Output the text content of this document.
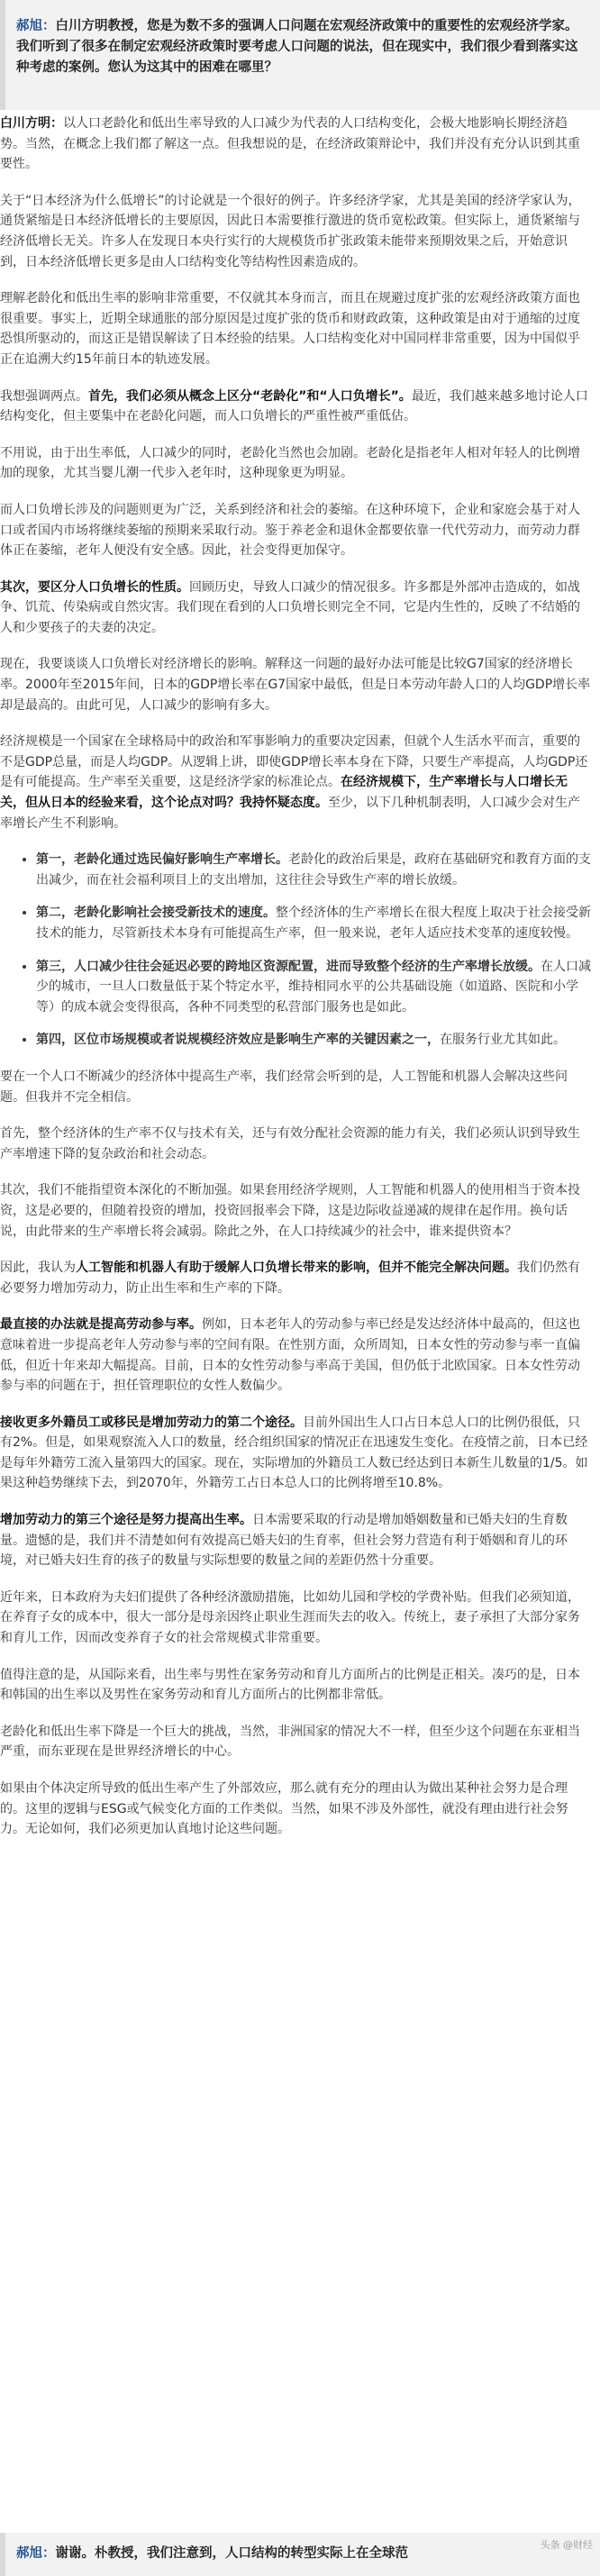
郝旭：白川方明教授，您是为数不多的强调人口问题在宏观经济政策中的重要性的宏观经济学家。我们听到了很多在制定宏观经济政策时要考虑人口问题的说法，但在现实中，我们很少看到落实这种考虑的案例。您认为这其中的困难在哪里？

白川方明：以人口老龄化和低出生率导致的人口减少为代表的人口结构变化，会极大地影响长期经济趋势。当然，在概念上我们都了解这一点。但我想说的是，在经济政策辩论中，我们并没有充分认识到其重要性。

关于“日本经济为什么低增长”的讨论就是一个很好的例子。许多经济学家，尤其是美国的经济学家认为，通货紧缩是日本经济低增长的主要原因，因此日本需要推行激进的货币宽松政策。但实际上，通货紧缩与经济低增长无关。许多人在发现日本央行实行的大规模货币扩张政策未能带来预期效果之后，开始意识到，日本经济低增长更多是由人口结构变化等结构性因素造成的。

理解老龄化和低出生率的影响非常重要，不仅就其本身而言，而且在规避过度扩张的宏观经济政策方面也很重要。事实上，近期全球通胀的部分原因是过度扩张的货币和财政政策，这种政策是由对于通缩的过度恐惧所驱动的，而这正是错误解读了日本经验的结果。人口结构变化对中国同样非常重要，因为中国似乎正在追溯大约15年前日本的轨迹发展。

我想强调两点。首先，我们必须从概念上区分“老龄化”和“人口负增长”。最近，我们越来越多地讨论人口结构变化，但主要集中在老龄化问题，而人口负增长的严重性被严重低估。

不用说，由于出生率低，人口减少的同时，老龄化当然也会加剧。老龄化是指老年人相对年轻人的比例增加的现象，尤其当婴儿潮一代步入老年时，这种现象更为明显。

而人口负增长涉及的问题则更为广泛，关系到经济和社会的萎缩。在这种环境下，企业和家庭会基于对人口或者国内市场将继续萎缩的预期来采取行动。鉴于养老金和退休金都要依靠一代代劳动力，而劳动力群体正在萎缩，老年人便没有安全感。因此，社会变得更加保守。

其次，要区分人口负增长的性质。回顾历史，导致人口减少的情况很多。许多都是外部冲击造成的，如战争、饥荒、传染病或自然灾害。我们现在看到的人口负增长则完全不同，它是内生性的，反映了不结婚的人和少要孩子的夫妻的决定。

现在，我要谈谈人口负增长对经济增长的影响。解释这一问题的最好办法可能是比较G7国家的经济增长率。2000年至2015年间，日本的GDP增长率在G7国家中最低，但是日本劳动年龄人口的人均GDP增长率却是最高的。由此可见，人口减少的影响有多大。

经济规模是一个国家在全球格局中的政治和军事影响力的重要决定因素，但就个人生活水平而言，重要的不是GDP总量，而是人均GDP。从逻辑上讲，即使GDP增长率本身在下降，只要生产率提高，人均GDP还是有可能提高。生产率至关重要，这是经济学家的标准论点。在经济规模下，生产率增长与人口增长无关，但从日本的经验来看，这个论点对吗？我持怀疑态度。至少，以下几种机制表明，人口减少会对生产率增长产生不利影响。

• 第一，老龄化通过选民偏好影响生产率增长。老龄化的政治后果是，政府在基础研究和教育方面的支出减少，而在社会福利项目上的支出增加，这往往会导致生产率的增长放缓。
• 第二，老龄化影响社会接受新技术的速度。整个经济体的生产率增长在很大程度上取决于社会接受新技术的能力，尽管新技术本身有可能提高生产率，但一般来说，老年人适应技术变革的速度较慢。
• 第三，人口减少往往会延迟必要的跨地区资源配置，进而导致整个经济的生产率增长放缓。在人口减少的城市，一旦人口数量低于某个特定水平，维持相同水平的公共基础设施（如道路、医院和小学等）的成本就会变得很高，各种不同类型的私营部门服务也是如此。
• 第四，区位市场规模或者说规模经济效应是影响生产率的关键因素之一，在服务行业尤其如此。

要在一个人口不断减少的经济体中提高生产率，我们经常会听到的是，人工智能和机器人会解决这些问题。但我并不完全相信。

首先，整个经济体的生产率不仅与技术有关，还与有效分配社会资源的能力有关，我们必须认识到导致生产率增速下降的复杂政治和社会动态。

其次，我们不能指望资本深化的不断加强。如果套用经济学规则，人工智能和机器人的使用相当于资本投资，这是必要的，但随着投资的增加，投资回报率会下降，这是边际收益递减的规律在起作用。换句话说，由此带来的生产率增长将会减弱。除此之外，在人口持续减少的社会中，谁来提供资本？

因此，我认为人工智能和机器人有助于缓解人口负增长带来的影响，但并不能完全解决问题。我们仍然有必要努力增加劳动力，防止出生率和生产率的下降。

最直接的办法就是提高劳动参与率。例如，日本老年人的劳动参与率已经是发达经济体中最高的，但这也意味着进一步提高老年人劳动参与率的空间有限。在性别方面，众所周知，日本女性的劳动参与率一直偏低，但近十年来却大幅提高。目前，日本的女性劳动参与率高于美国，但仍低于北欧国家。日本女性劳动参与率的问题在于，担任管理职位的女性人数偏少。

接收更多外籍员工或移民是增加劳动力的第二个途径。目前外国出生人口占日本总人口的比例仍很低，只有2%。但是，如果观察流入人口的数量，经合组织国家的情况正在迅速发生变化。在疫情之前，日本已经是每年外籍劳工流入量第四大的国家。现在，实际增加的外籍员工人数已经达到日本新生儿数量的1/5。如果这种趋势继续下去，到2070年，外籍劳工占日本总人口的比例将增至10.8%。

增加劳动力的第三个途径是努力提高出生率。日本需要采取的行动是增加婚姻数量和已婚夫妇的生育数量。遗憾的是，我们并不清楚如何有效提高已婚夫妇的生育率，但社会努力营造有利于婚姻和育儿的环境，对已婚夫妇生育的孩子的数量与实际想要的数量之间的差距仍然十分重要。

近年来，日本政府为夫妇们提供了各种经济激励措施，比如幼儿园和学校的学费补贴。但我们必须知道，在养育子女的成本中，很大一部分是母亲因终止职业生涯而失去的收入。传统上，妻子承担了大部分家务和育儿工作，因而改变养育子女的社会常规模式非常重要。

值得注意的是，从国际来看，出生率与男性在家务劳动和育儿方面所占的比例是正相关。凑巧的是，日本和韩国的出生率以及男性在家务劳动和育儿方面所占的比例都非常低。

老龄化和低出生率下降是一个巨大的挑战，当然，非洲国家的情况大不一样，但至少这个问题在东亚相当严重，而东亚现在是世界经济增长的中心。

如果由个体决定所导致的低出生率产生了外部效应，那么就有充分的理由认为做出某种社会努力是合理的。这里的逻辑与ESG或气候变化方面的工作类似。当然，如果不涉及外部性，就没有理由进行社会努力。无论如何，我们必须更加认真地讨论这些问题。

郝旭：谢谢。朴教授，我们注意到，人口结构的转型实际上在全球范

头条 @财经
